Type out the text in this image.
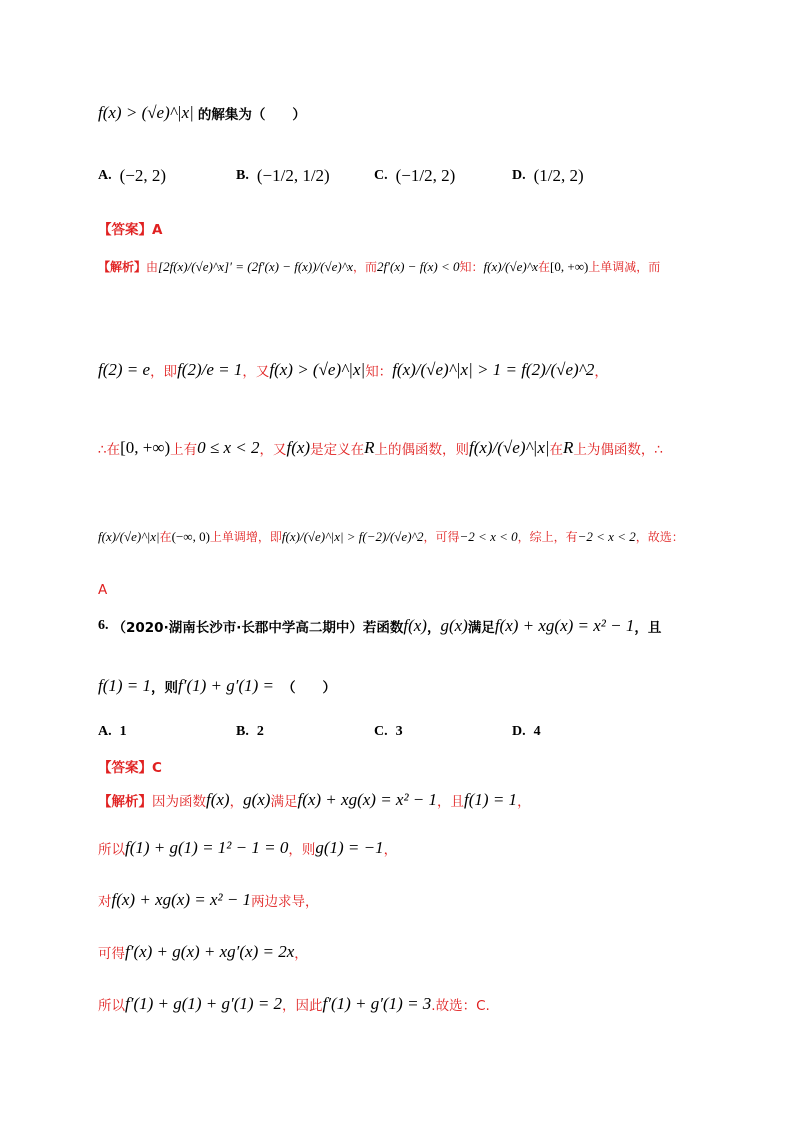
f(x) > (√e)^|x| 的解集为（　　）
A. (−2, 2)	B. (−1/2, 1/2)	C. (−1/2, 2)	D. (1/2, 2)
【答案】A
【解析】 由 [2f(x)/(√e)^x]′ = (2f′(x) − f(x))/(√e)^x ，而 2f′(x) − f(x) < 0 知： f(x)/(√e)^x 在 [0, +∞) 上单调减，而
f(2) = e ，即 f(2)/e = 1 ，又 f(x) > (√e)^|x| 知： f(x)/(√e)^|x| > 1 = f(2)/(√e)^2 ，
∴在 [0, +∞) 上有 0 ≤ x < 2 ，又 f(x) 是定义在 R 上的偶函数，则 f(x)/(√e)^|x| 在 R 上为偶函数，∴
f(x)/(√e)^|x| 在 (−∞, 0) 上单调增，即 f(x)/(√e)^|x| > f(−2)/(√e)^2 ，可得 −2 < x < 0 ，综上，有 −2 < x < 2 ，故选：
A
6. （2020·湖南长沙市·长郡中学高二期中）若函数 f(x) ， g(x) 满足 f(x) + xg(x) = x² − 1 ，且
f(1) = 1 ，则 f′(1) + g′(1) = （　　）
A. 1	B. 2	C. 3	D. 4
【答案】C
【解析】 因为函数 f(x) ， g(x) 满足 f(x) + xg(x) = x² − 1 ，且 f(1) = 1 ，
所以 f(1) + g(1) = 1² − 1 = 0 ，则 g(1) = −1 ，
对 f(x) + xg(x) = x² − 1 两边求导，
可得 f′(x) + g(x) + xg′(x) = 2x ，
所以 f′(1) + g(1) + g′(1) = 2 ，因此 f′(1) + g′(1) = 3 .故选：C.
